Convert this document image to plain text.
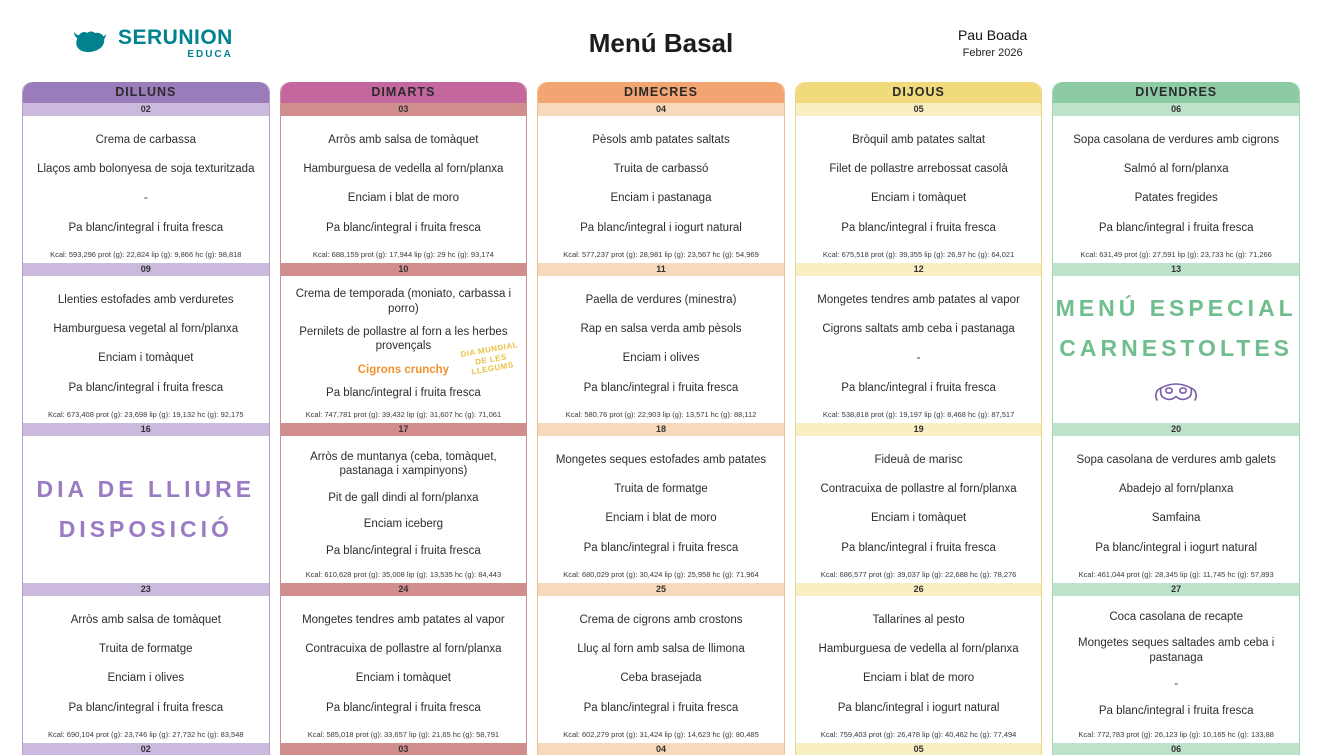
SERUNION
EDUCA	Menú Basal	Pau Boada
Febrer 2026
DILLUNS
02
Crema de carbassa
Llaços amb bolonyesa de soja texturitzada
-
Pa blanc/integral i fruita fresca
Kcal: 593,296 prot (g): 22,824 lip (g): 9,866 hc (g): 98,818
09
Llenties estofades amb verduretes
Hamburguesa vegetal al forn/planxa
Enciam i tomàquet
Pa blanc/integral i fruita fresca
Kcal: 673,408 prot (g): 23,698 lip (g): 19,132 hc (g): 92,175
16
DIA DE LLIURE
DISPOSICIÓ
23
Arròs amb salsa de tomàquet
Truita de formatge
Enciam i olives
Pa blanc/integral i fruita fresca
Kcal: 690,104 prot (g): 23,746 lip (g): 27,732 hc (g): 83,548
02
DIMARTS
03
Arròs amb salsa de tomàquet
Hamburguesa de vedella al forn/planxa
Enciam i blat de moro
Pa blanc/integral i fruita fresca
Kcal: 688,159 prot (g): 17,944 lip (g): 29 hc (g): 93,174
10
Crema de temporada (moniato, carbassa i porro)
Pernilets de pollastre al forn a les herbes provençals
Cigrons crunchy
Pa blanc/integral i fruita fresca
DIA MUNDIAL DE LES LLEGUMS
Kcal: 747,781 prot (g): 39,432 lip (g): 31,607 hc (g): 71,061
17
Arròs de muntanya (ceba, tomàquet, pastanaga i xampinyons)
Pit de gall dindi al forn/planxa
Enciam iceberg
Pa blanc/integral i fruita fresca
Kcal: 610,628 prot (g): 35,008 lip (g): 13,535 hc (g): 84,443
24
Mongetes tendres amb patates al vapor
Contracuixa de pollastre al forn/planxa
Enciam i tomàquet
Pa blanc/integral i fruita fresca
Kcal: 585,018 prot (g): 33,657 lip (g): 21,65 hc (g): 58,791
03
DIMECRES
04
Pèsols amb patates saltats
Truita de carbassó
Enciam i pastanaga
Pa blanc/integral i iogurt natural
Kcal: 577,237 prot (g): 28,981 lip (g): 23,567 hc (g): 54,969
11
Paella de verdures (minestra)
Rap en salsa verda amb pèsols
Enciam i olives
Pa blanc/integral i fruita fresca
Kcal: 580,76 prot (g): 22,903 lip (g): 13,571 hc (g): 88,112
18
Mongetes seques estofades amb patates
Truita de formatge
Enciam i blat de moro
Pa blanc/integral i fruita fresca
Kcal: 680,029 prot (g): 30,424 lip (g): 25,958 hc (g): 71,964
25
Crema de cigrons amb crostons
Lluç al forn amb salsa de llimona
Ceba brasejada
Pa blanc/integral i fruita fresca
Kcal: 602,279 prot (g): 31,424 lip (g): 14,623 hc (g): 80,485
04
DIJOUS
05
Bròquil amb patates saltat
Filet de pollastre arrebossat casolà
Enciam i tomàquet
Pa blanc/integral i fruita fresca
Kcal: 675,518 prot (g): 39,355 lip (g): 26,97 hc (g): 64,021
12
Mongetes tendres amb patates al vapor
Cigrons saltats amb ceba i pastanaga
-
Pa blanc/integral i fruita fresca
Kcal: 538,818 prot (g): 19,197 lip (g): 8,468 hc (g): 87,517
19
Fideuà de marisc
Contracuixa de pollastre al forn/planxa
Enciam i tomàquet
Pa blanc/integral i fruita fresca
Kcal: 686,577 prot (g): 39,037 lip (g): 22,688 hc (g): 78,276
26
Tallarines al pesto
Hamburguesa de vedella al forn/planxa
Enciam i blat de moro
Pa blanc/integral i iogurt natural
Kcal: 759,403 prot (g): 26,478 lip (g): 40,462 hc (g): 77,494
05
DIVENDRES
06
Sopa casolana de verdures amb cigrons
Salmó al forn/planxa
Patates fregides
Pa blanc/integral i fruita fresca
Kcal: 631,49 prot (g): 27,591 lip (g): 23,733 hc (g): 71,266
13
MENÚ ESPECIAL
CARNESTOLTES
20
Sopa casolana de verdures amb galets
Abadejo al forn/planxa
Samfaina
Pa blanc/integral i iogurt natural
Kcal: 461,044 prot (g): 28,345 lip (g): 11,745 hc (g): 57,893
27
Coca casolana de recapte
Mongetes seques saltades amb ceba i pastanaga
-
Pa blanc/integral i fruita fresca
Kcal: 772,783 prot (g): 26,123 lip (g): 10,165 hc (g): 133,88
06
